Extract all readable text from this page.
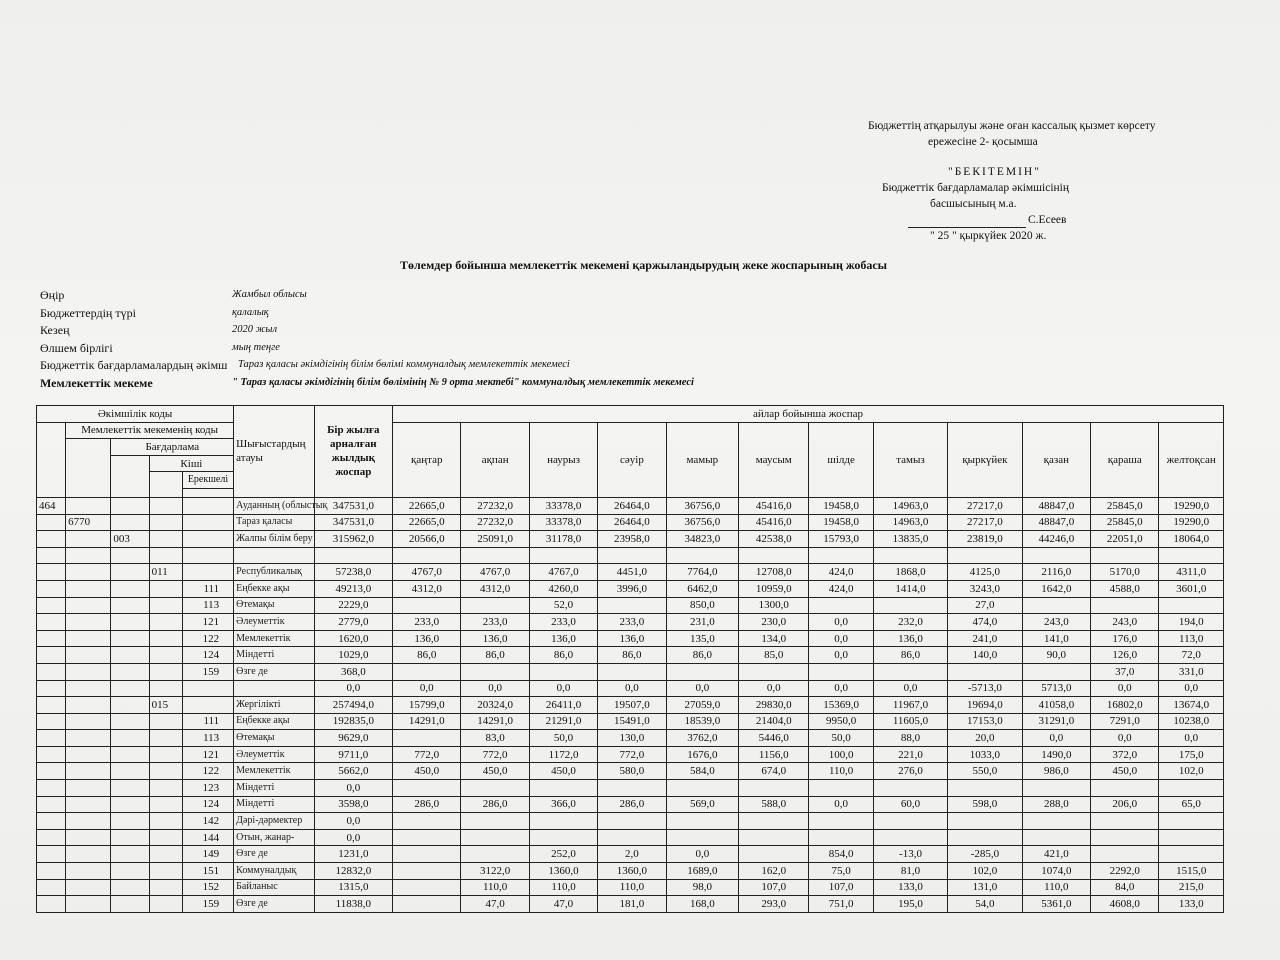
Бюджеттің атқарылуы және оған кассалық қызмет көрсету
ережесіне 2- қосымша
"БЕКІТЕМІН"
Бюджеттік бағдарламалар әкімшісінің
басшысының м.а.
С.Есеев
" 25 " қыркүйек 2020 ж.
Төлемдер бойынша мемлекеттік мекемені қаржыландырудың жеке жоспарының жобасы
Өңір	Жамбыл облысы
Бюджеттердің түрі	қалалық
Кезең	2020 жыл
Өлшем бірлігі	мың теңге
Бюджеттік бағдарламалардың әкімш Тараз қаласы әкімдігінің білім бөлімі коммуналдық мемлекеттік мекемесі
Мемлекеттік мекеме	" Тараз қаласы әкімдігінің білім бөлімінің № 9 орта мектебі" коммуналдық мемлекеттік мекемесі
Әкімшілік коды					Шығыстардың атауы	Бір жылға арналған жылдық жоспар	айлар бойынша жоспар											
	Мемлекеттік мекеменің коды						қаңтар	ақпан	наурыз	сәуір	мамыр	маусым	шілде	тамыз	қыркүйек	қазан	қараша	желтоқсан
		Бағдарлама																
			Кіші															
				Ерекшелі														

464					Ауданның (облыстық	347531,0	22665,0	27232,0	33378,0	26464,0	36756,0	45416,0	19458,0	14963,0	27217,0	48847,0	25845,0	19290,0
	6770				Тараз қаласы	347531,0	22665,0	27232,0	33378,0	26464,0	36756,0	45416,0	19458,0	14963,0	27217,0	48847,0	25845,0	19290,0
		003			Жалпы білім беру	315962,0	20566,0	25091,0	31178,0	23958,0	34823,0	42538,0	15793,0	13835,0	23819,0	44246,0	22051,0	18064,0

			011		Республикалық	57238,0	4767,0	4767,0	4767,0	4451,0	7764,0	12708,0	424,0	1868,0	4125,0	2116,0	5170,0	4311,0
				111	Еңбекке ақы	49213,0	4312,0	4312,0	4260,0	3996,0	6462,0	10959,0	424,0	1414,0	3243,0	1642,0	4588,0	3601,0
				113	Өтемақы	2229,0			52,0		850,0	1300,0			27,0			
				121	Әлеуметтік	2779,0	233,0	233,0	233,0	233,0	231,0	230,0	0,0	232,0	474,0	243,0	243,0	194,0
				122	Мемлекеттік	1620,0	136,0	136,0	136,0	136,0	135,0	134,0	0,0	136,0	241,0	141,0	176,0	113,0
				124	Міндетті	1029,0	86,0	86,0	86,0	86,0	86,0	85,0	0,0	86,0	140,0	90,0	126,0	72,0
				159	Өзге де	368,0											37,0	331,0
						0,0	0,0	0,0	0,0	0,0	0,0	0,0	0,0	0,0	-5713,0	5713,0	0,0	0,0
			015		Жергілікті	257494,0	15799,0	20324,0	26411,0	19507,0	27059,0	29830,0	15369,0	11967,0	19694,0	41058,0	16802,0	13674,0
				111	Еңбекке ақы	192835,0	14291,0	14291,0	21291,0	15491,0	18539,0	21404,0	9950,0	11605,0	17153,0	31291,0	7291,0	10238,0
				113	Өтемақы	9629,0		83,0	50,0	130,0	3762,0	5446,0	50,0	88,0	20,0	0,0	0,0	0,0
				121	Әлеуметтік	9711,0	772,0	772,0	1172,0	772,0	1676,0	1156,0	100,0	221,0	1033,0	1490,0	372,0	175,0
				122	Мемлекеттік	5662,0	450,0	450,0	450,0	580,0	584,0	674,0	110,0	276,0	550,0	986,0	450,0	102,0
				123	Міндетті	0,0												
				124	Міндетті	3598,0	286,0	286,0	366,0	286,0	569,0	588,0	0,0	60,0	598,0	288,0	206,0	65,0
				142	Дәрі-дәрмектер	0,0												
				144	Отын, жанар-	0,0												
				149	Өзге де	1231,0			252,0	2,0	0,0		854,0	-13,0	-285,0	421,0		
				151	Коммуналдық	12832,0		3122,0	1360,0	1360,0	1689,0	162,0	75,0	81,0	102,0	1074,0	2292,0	1515,0
				152	Байланыс	1315,0		110,0	110,0	110,0	98,0	107,0	107,0	133,0	131,0	110,0	84,0	215,0
				159	Өзге де	11838,0		47,0	47,0	181,0	168,0	293,0	751,0	195,0	54,0	5361,0	4608,0	133,0
